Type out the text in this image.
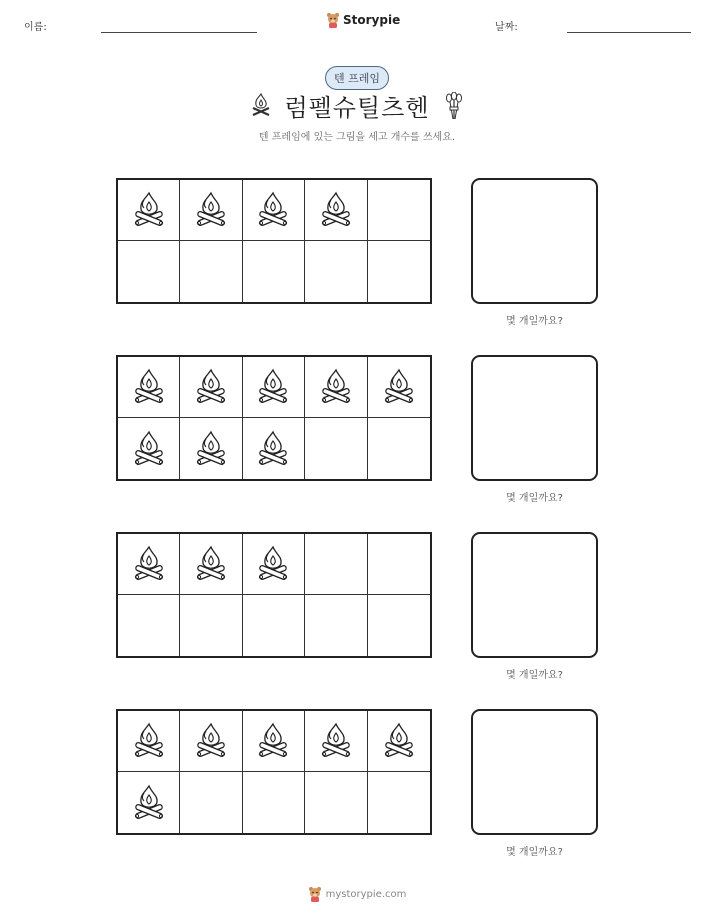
이름:
Storypie
날짜:
텐 프레임
럼펠슈틸츠헨
텐 프레임에 있는 그림을 세고 개수를 쓰세요.
몇 개일까요?
몇 개일까요?
몇 개일까요?
몇 개일까요?
mystorypie.com
